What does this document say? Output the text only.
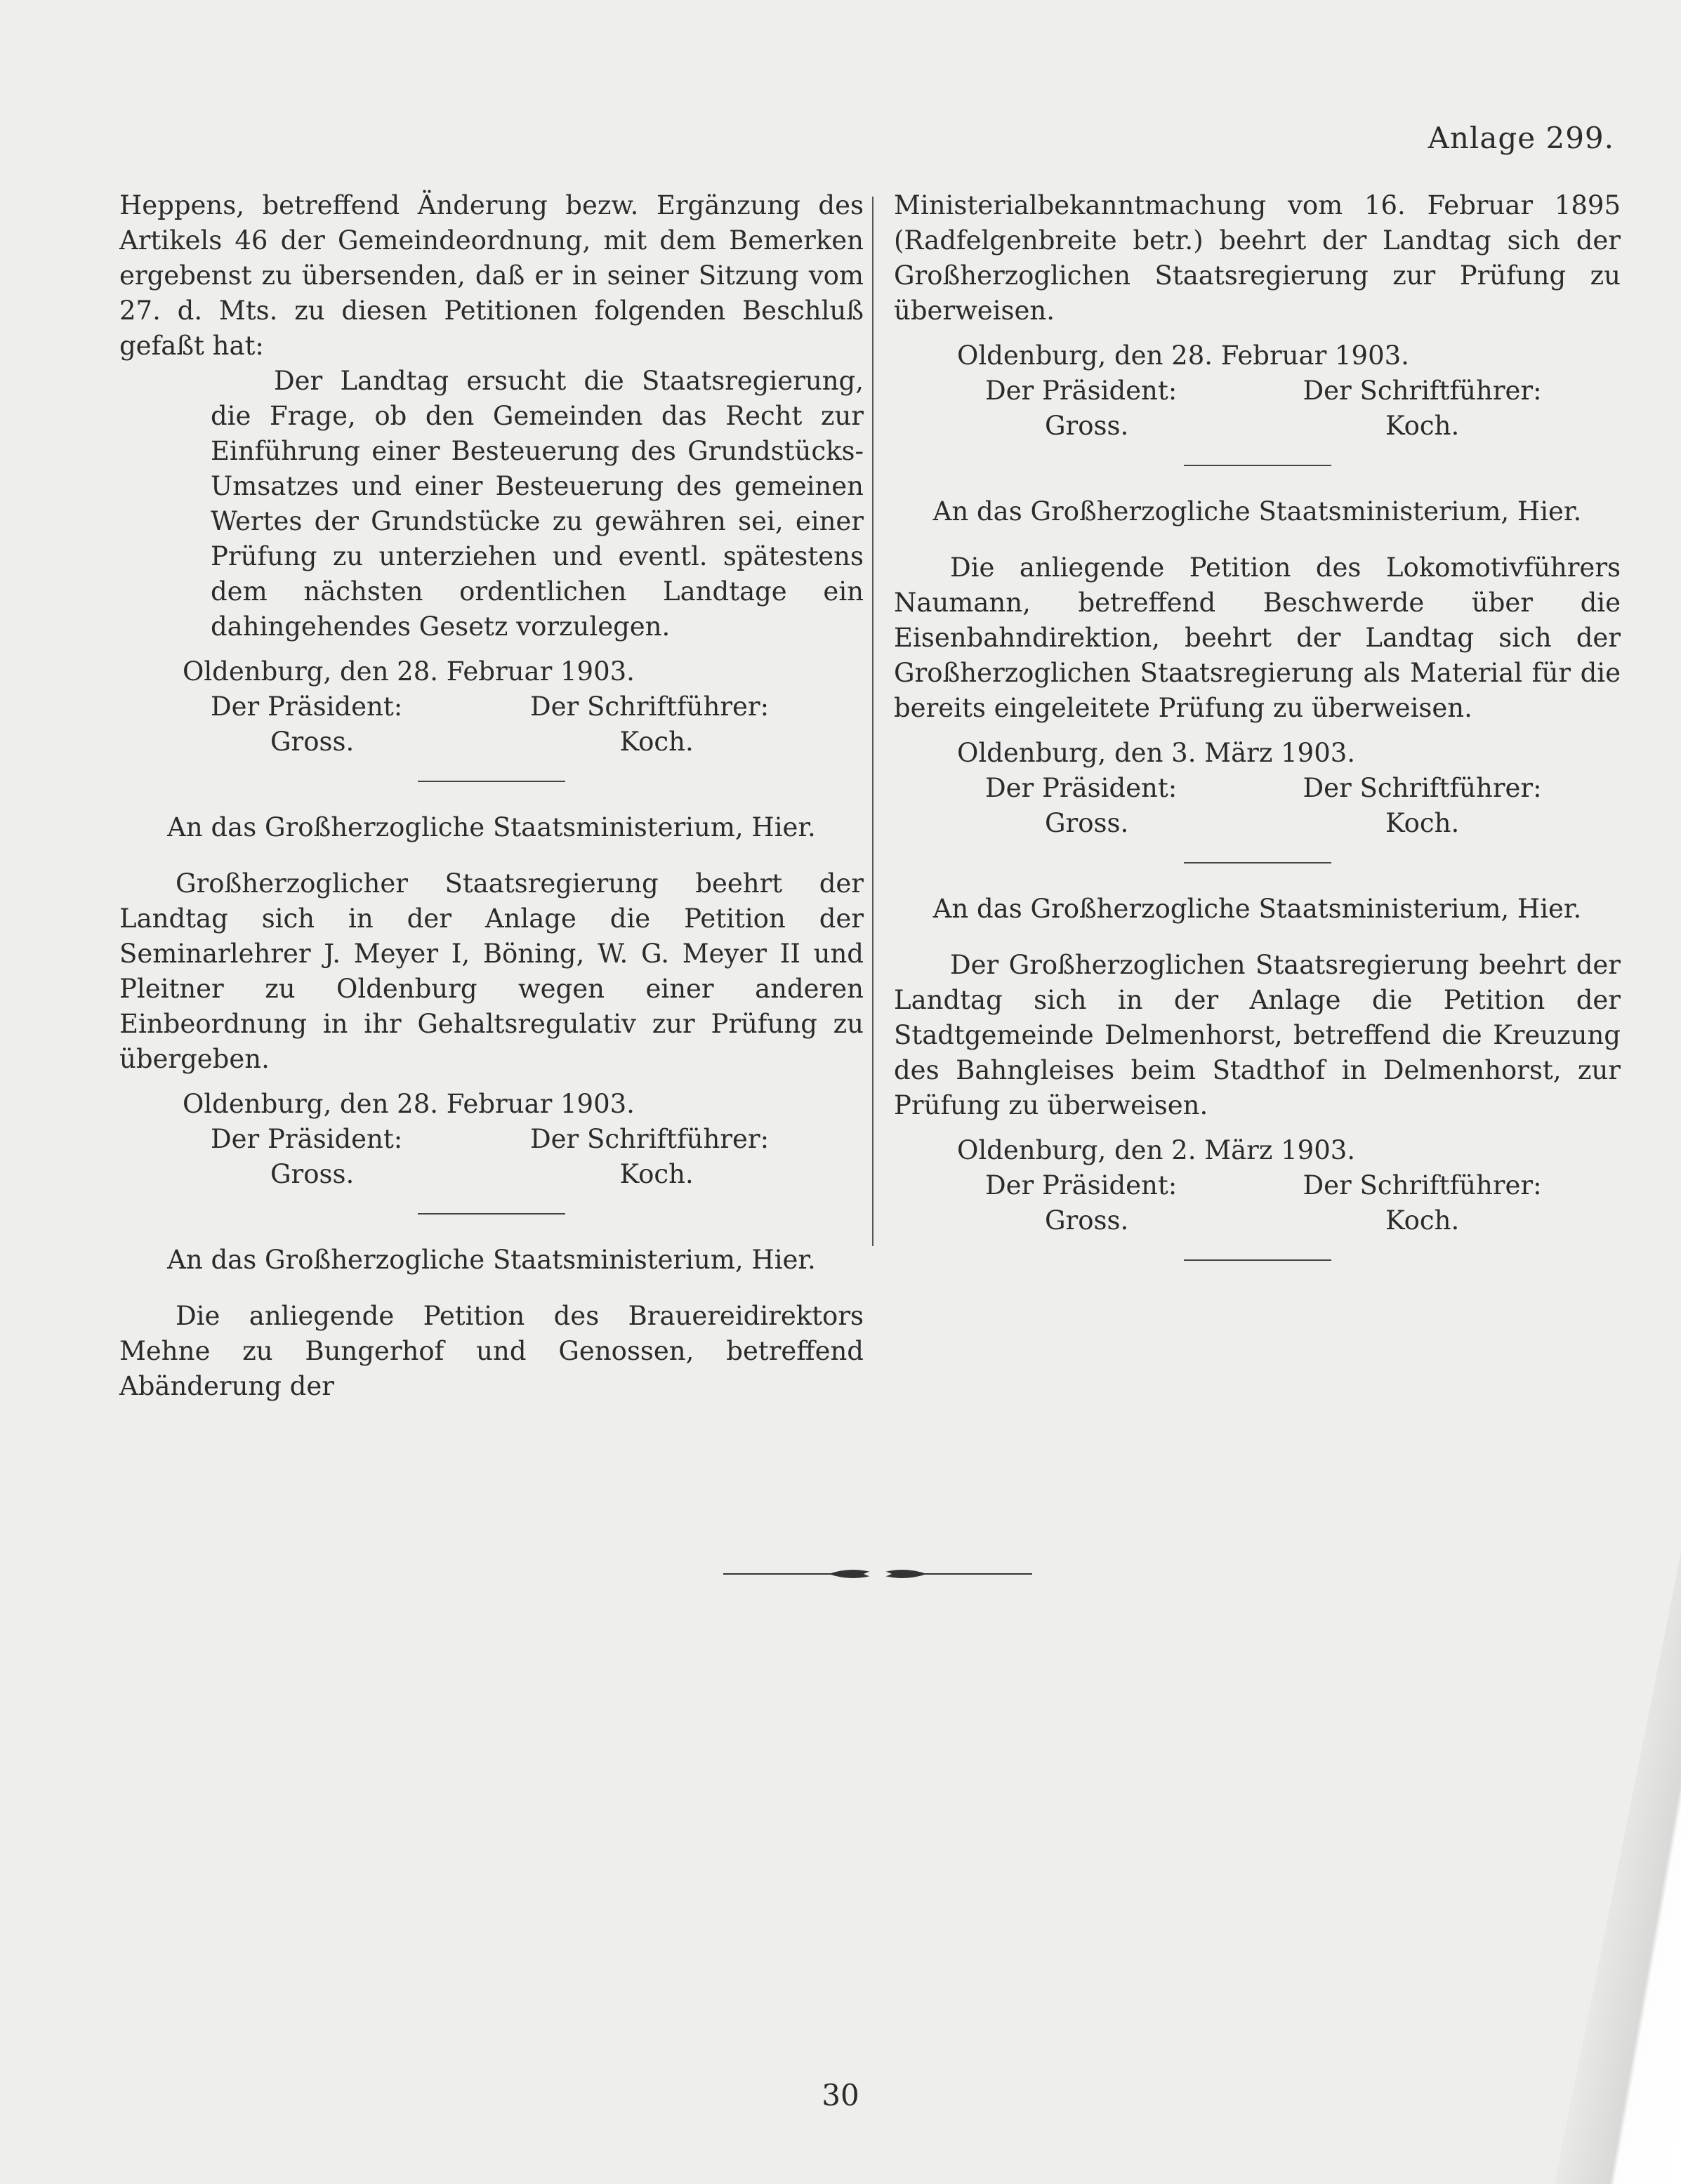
Anlage 299.

Heppens, betreffend Änderung bezw. Ergänzung des Artikels 46 der Gemeindeordnung, mit dem Bemerken ergebenst zu übersenden, daß er in seiner Sitzung vom 27. d. Mts. zu diesen Petitionen folgenden Beschluß gefaßt hat:

Der Landtag ersucht die Staatsregierung, die Frage, ob den Gemeinden das Recht zur Einführung einer Besteuerung des Grundstücks-Umsatzes und einer Besteuerung des gemeinen Wertes der Grundstücke zu gewähren sei, einer Prüfung zu unterziehen und eventl. spätestens dem nächsten ordentlichen Landtage ein dahingehendes Gesetz vorzulegen.

Oldenburg, den 28. Februar 1903.

Der Präsident:	Der Schriftführer:
Gross.	Koch.

An das Großherzogliche Staatsministerium, Hier.

Großherzoglicher Staatsregierung beehrt der Landtag sich in der Anlage die Petition der Seminarlehrer J. Meyer I, Böning, W. G. Meyer II und Pleitner zu Oldenburg wegen einer anderen Einbeordnung in ihr Gehaltsregulativ zur Prüfung zu übergeben.

Oldenburg, den 28. Februar 1903.

Der Präsident:	Der Schriftführer:
Gross.	Koch.

An das Großherzogliche Staatsministerium, Hier.

Die anliegende Petition des Brauereidirektors Mehne zu Bungerhof und Genossen, betreffend Abänderung der

Ministerialbekanntmachung vom 16. Februar 1895 (Radfelgenbreite betr.) beehrt der Landtag sich der Großherzoglichen Staatsregierung zur Prüfung zu überweisen.

Oldenburg, den 28. Februar 1903.

Der Präsident:	Der Schriftführer:
Gross.	Koch.

An das Großherzogliche Staatsministerium, Hier.

Die anliegende Petition des Lokomotivführers Naumann, betreffend Beschwerde über die Eisenbahndirektion, beehrt der Landtag sich der Großherzoglichen Staatsregierung als Material für die bereits eingeleitete Prüfung zu überweisen.

Oldenburg, den 3. März 1903.

Der Präsident:	Der Schriftführer:
Gross.	Koch.

An das Großherzogliche Staatsministerium, Hier.

Der Großherzoglichen Staatsregierung beehrt der Landtag sich in der Anlage die Petition der Stadtgemeinde Delmenhorst, betreffend die Kreuzung des Bahngleises beim Stadthof in Delmenhorst, zur Prüfung zu überweisen.

Oldenburg, den 2. März 1903.

Der Präsident:	Der Schriftführer:
Gross.	Koch.
30
